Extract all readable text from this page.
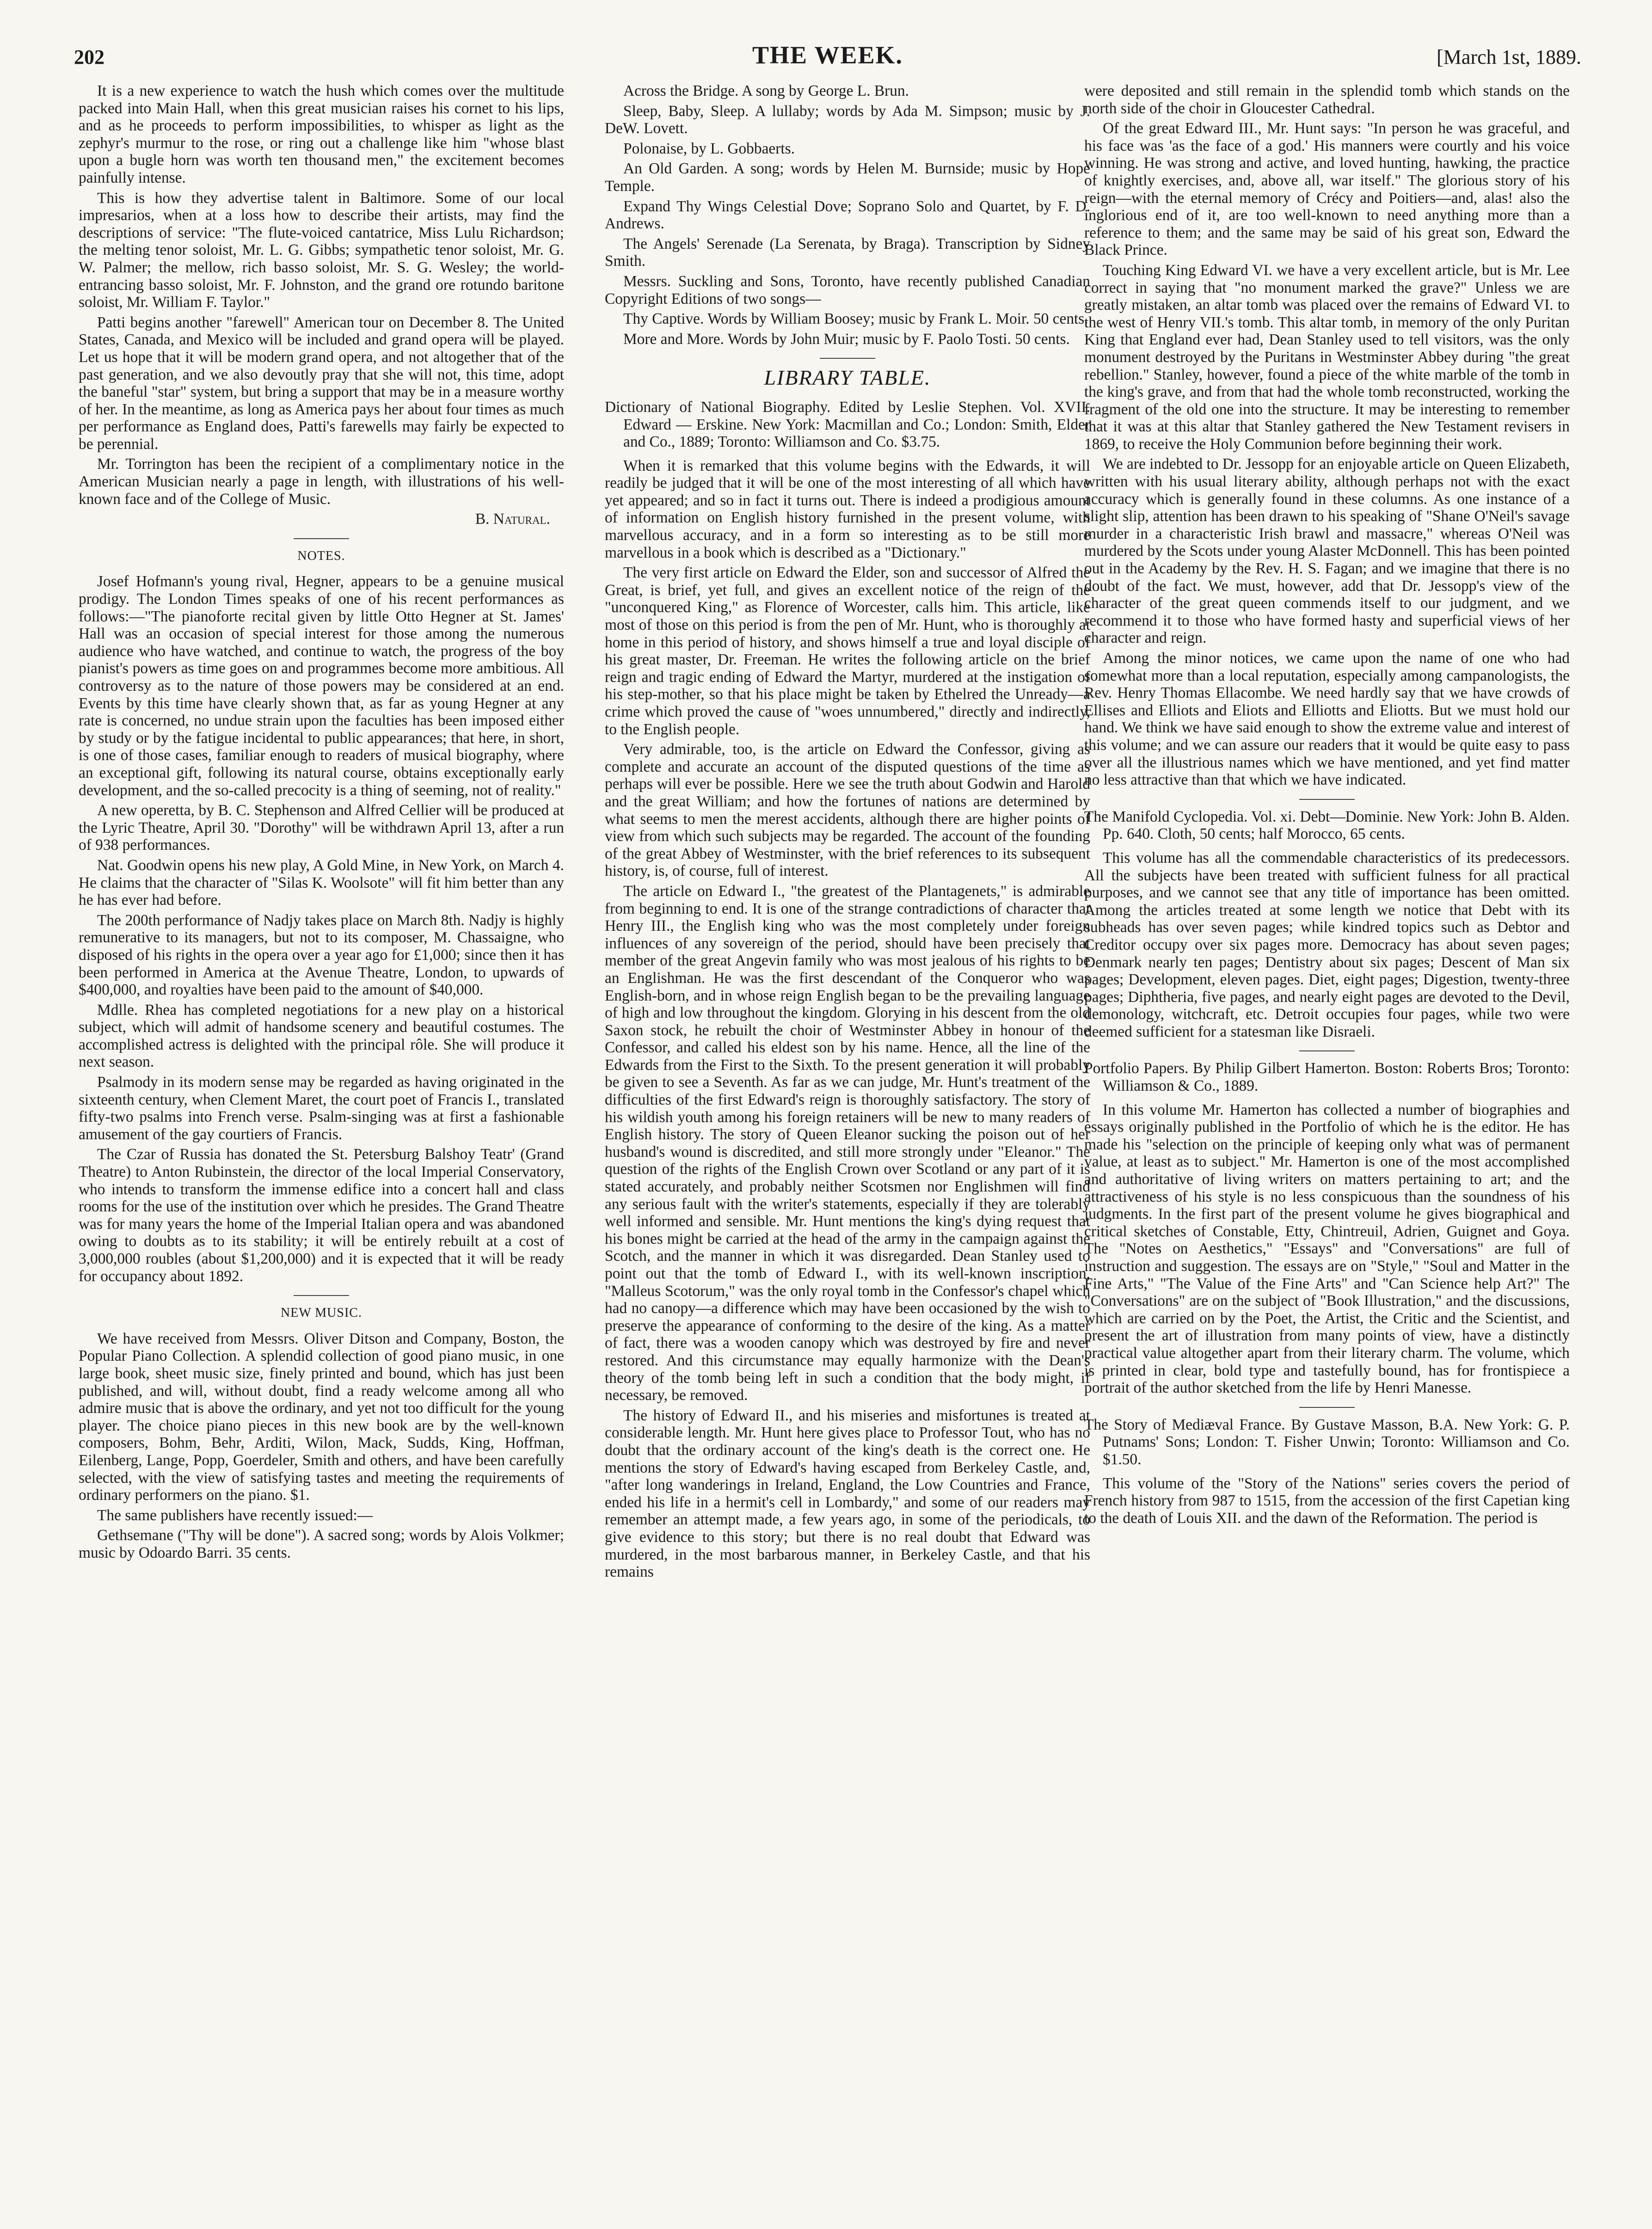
202	THE WEEK.	[March 1st, 1889.

It is a new experience to watch the hush which comes over the multitude packed into Main Hall, when this great musician raises his cornet to his lips, and as he proceeds to perform impossibilities, to whisper as light as the zephyr's murmur to the rose, or ring out a challenge like him "whose blast upon a bugle horn was worth ten thousand men," the excitement becomes painfully intense.

This is how they advertise talent in Baltimore. Some of our local impresarios, when at a loss how to describe their artists, may find the descriptions of service: "The flute-voiced cantatrice, Miss Lulu Richardson; the melting tenor soloist, Mr. L. G. Gibbs; sympathetic tenor soloist, Mr. G. W. Palmer; the mellow, rich basso soloist, Mr. S. G. Wesley; the world-entrancing basso soloist, Mr. F. Johnston, and the grand ore rotundo baritone soloist, Mr. William F. Taylor."

Patti begins another "farewell" American tour on December 8. The United States, Canada, and Mexico will be included and grand opera will be played. Let us hope that it will be modern grand opera, and not altogether that of the past generation, and we also devoutly pray that she will not, this time, adopt the baneful "star" system, but bring a support that may be in a measure worthy of her. In the meantime, as long as America pays her about four times as much per performance as England does, Patti's farewells may fairly be expected to be perennial.

Mr. Torrington has been the recipient of a complimentary notice in the American Musician nearly a page in length, with illustrations of his well-known face and of the College of Music.

B. Natural.

NOTES.

Josef Hofmann's young rival, Hegner, appears to be a genuine musical prodigy. The London Times speaks of one of his recent performances as follows:—"The pianoforte recital given by little Otto Hegner at St. James' Hall was an occasion of special interest for those among the numerous audience who have watched, and continue to watch, the progress of the boy pianist's powers as time goes on and programmes become more ambitious. All controversy as to the nature of those powers may be considered at an end. Events by this time have clearly shown that, as far as young Hegner at any rate is concerned, no undue strain upon the faculties has been imposed either by study or by the fatigue incidental to public appearances; that here, in short, is one of those cases, familiar enough to readers of musical biography, where an exceptional gift, following its natural course, obtains exceptionally early development, and the so-called precocity is a thing of seeming, not of reality."

A new operetta, by B. C. Stephenson and Alfred Cellier will be produced at the Lyric Theatre, April 30. "Dorothy" will be withdrawn April 13, after a run of 938 performances.

Nat. Goodwin opens his new play, A Gold Mine, in New York, on March 4. He claims that the character of "Silas K. Woolsote" will fit him better than any he has ever had before.

The 200th performance of Nadjy takes place on March 8th. Nadjy is highly remunerative to its managers, but not to its composer, M. Chassaigne, who disposed of his rights in the opera over a year ago for £1,000; since then it has been performed in America at the Avenue Theatre, London, to upwards of $400,000, and royalties have been paid to the amount of $40,000.

Mdlle. Rhea has completed negotiations for a new play on a historical subject, which will admit of handsome scenery and beautiful costumes. The accomplished actress is delighted with the principal rôle. She will produce it next season.

Psalmody in its modern sense may be regarded as having originated in the sixteenth century, when Clement Maret, the court poet of Francis I., translated fifty-two psalms into French verse. Psalm-singing was at first a fashionable amusement of the gay courtiers of Francis.

The Czar of Russia has donated the St. Petersburg Balshoy Teatr' (Grand Theatre) to Anton Rubinstein, the director of the local Imperial Conservatory, who intends to transform the immense edifice into a concert hall and class rooms for the use of the institution over which he presides. The Grand Theatre was for many years the home of the Imperial Italian opera and was abandoned owing to doubts as to its stability; it will be entirely rebuilt at a cost of 3,000,000 roubles (about $1,200,000) and it is expected that it will be ready for occupancy about 1892.

NEW MUSIC.

We have received from Messrs. Oliver Ditson and Company, Boston, the Popular Piano Collection. A splendid collection of good piano music, in one large book, sheet music size, finely printed and bound, which has just been published, and will, without doubt, find a ready welcome among all who admire music that is above the ordinary, and yet not too difficult for the young player. The choice piano pieces in this new book are by the well-known composers, Bohm, Behr, Arditi, Wilon, Mack, Sudds, King, Hoffman, Eilenberg, Lange, Popp, Goerdeler, Smith and others, and have been carefully selected, with the view of satisfying tastes and meeting the requirements of ordinary performers on the piano. $1.

The same publishers have recently issued:—

Gethsemane ("Thy will be done"). A sacred song; words by Alois Volkmer; music by Odoardo Barri. 35 cents.

Across the Bridge. A song by George L. Brun.

Sleep, Baby, Sleep. A lullaby; words by Ada M. Simpson; music by J. DeW. Lovett.

Polonaise, by L. Gobbaerts.

An Old Garden. A song; words by Helen M. Burnside; music by Hope Temple.

Expand Thy Wings Celestial Dove; Soprano Solo and Quartet, by F. D. Andrews.

The Angels' Serenade (La Serenata, by Braga). Transcription by Sidney Smith.

Messrs. Suckling and Sons, Toronto, have recently published Canadian Copyright Editions of two songs—

Thy Captive. Words by William Boosey; music by Frank L. Moir. 50 cents.

More and More. Words by John Muir; music by F. Paolo Tosti. 50 cents.

LIBRARY TABLE.

Dictionary of National Biography. Edited by Leslie Stephen. Vol. XVII. Edward — Erskine. New York: Macmillan and Co.; London: Smith, Elder and Co., 1889; Toronto: Williamson and Co. $3.75.

When it is remarked that this volume begins with the Edwards, it will readily be judged that it will be one of the most interesting of all which have yet appeared; and so in fact it turns out. There is indeed a prodigious amount of information on English history furnished in the present volume, with marvellous accuracy, and in a form so interesting as to be still more marvellous in a book which is described as a "Dictionary."

The very first article on Edward the Elder, son and successor of Alfred the Great, is brief, yet full, and gives an excellent notice of the reign of the "unconquered King," as Florence of Worcester, calls him. This article, like most of those on this period is from the pen of Mr. Hunt, who is thoroughly at home in this period of history, and shows himself a true and loyal disciple of his great master, Dr. Freeman. He writes the following article on the brief reign and tragic ending of Edward the Martyr, murdered at the instigation of his step-mother, so that his place might be taken by Ethelred the Unready—a crime which proved the cause of "woes unnumbered," directly and indirectly, to the English people.

Very admirable, too, is the article on Edward the Confessor, giving as complete and accurate an account of the disputed questions of the time as perhaps will ever be possible. Here we see the truth about Godwin and Harold and the great William; and how the fortunes of nations are determined by what seems to men the merest accidents, although there are higher points of view from which such subjects may be regarded. The account of the founding of the great Abbey of Westminster, with the brief references to its subsequent history, is, of course, full of interest.

The article on Edward I., "the greatest of the Plantagenets," is admirable from beginning to end. It is one of the strange contradictions of character that Henry III., the English king who was the most completely under foreign influences of any sovereign of the period, should have been precisely that member of the great Angevin family who was most jealous of his rights to be an Englishman. He was the first descendant of the Conqueror who was English-born, and in whose reign English began to be the prevailing language of high and low throughout the kingdom. Glorying in his descent from the old Saxon stock, he rebuilt the choir of Westminster Abbey in honour of the Confessor, and called his eldest son by his name. Hence, all the line of the Edwards from the First to the Sixth. To the present generation it will probably be given to see a Seventh. As far as we can judge, Mr. Hunt's treatment of the difficulties of the first Edward's reign is thoroughly satisfactory. The story of his wildish youth among his foreign retainers will be new to many readers of English history. The story of Queen Eleanor sucking the poison out of her husband's wound is discredited, and still more strongly under "Eleanor." The question of the rights of the English Crown over Scotland or any part of it is stated accurately, and probably neither Scotsmen nor Englishmen will find any serious fault with the writer's statements, especially if they are tolerably well informed and sensible. Mr. Hunt mentions the king's dying request that his bones might be carried at the head of the army in the campaign against the Scotch, and the manner in which it was disregarded. Dean Stanley used to point out that the tomb of Edward I., with its well-known inscription, "Malleus Scotorum," was the only royal tomb in the Confessor's chapel which had no canopy—a difference which may have been occasioned by the wish to preserve the appearance of conforming to the desire of the king. As a matter of fact, there was a wooden canopy which was destroyed by fire and never restored. And this circumstance may equally harmonize with the Dean's theory of the tomb being left in such a condition that the body might, if necessary, be removed.

The history of Edward II., and his miseries and misfortunes is treated at considerable length. Mr. Hunt here gives place to Professor Tout, who has no doubt that the ordinary account of the king's death is the correct one. He mentions the story of Edward's having escaped from Berkeley Castle, and, "after long wanderings in Ireland, England, the Low Countries and France, ended his life in a hermit's cell in Lombardy," and some of our readers may remember an attempt made, a few years ago, in some of the periodicals, to give evidence to this story; but there is no real doubt that Edward was murdered, in the most barbarous manner, in Berkeley Castle, and that his remains

were deposited and still remain in the splendid tomb which stands on the north side of the choir in Gloucester Cathedral.

Of the great Edward III., Mr. Hunt says: "In person he was graceful, and his face was 'as the face of a god.' His manners were courtly and his voice winning. He was strong and active, and loved hunting, hawking, the practice of knightly exercises, and, above all, war itself." The glorious story of his reign—with the eternal memory of Crécy and Poitiers—and, alas! also the inglorious end of it, are too well-known to need anything more than a reference to them; and the same may be said of his great son, Edward the Black Prince.

Touching King Edward VI. we have a very excellent article, but is Mr. Lee correct in saying that "no monument marked the grave?" Unless we are greatly mistaken, an altar tomb was placed over the remains of Edward VI. to the west of Henry VII.'s tomb. This altar tomb, in memory of the only Puritan King that England ever had, Dean Stanley used to tell visitors, was the only monument destroyed by the Puritans in Westminster Abbey during "the great rebellion." Stanley, however, found a piece of the white marble of the tomb in the king's grave, and from that had the whole tomb reconstructed, working the fragment of the old one into the structure. It may be interesting to remember that it was at this altar that Stanley gathered the New Testament revisers in 1869, to receive the Holy Communion before beginning their work.

We are indebted to Dr. Jessopp for an enjoyable article on Queen Elizabeth, written with his usual literary ability, although perhaps not with the exact accuracy which is generally found in these columns. As one instance of a slight slip, attention has been drawn to his speaking of "Shane O'Neil's savage murder in a characteristic Irish brawl and massacre," whereas O'Neil was murdered by the Scots under young Alaster McDonnell. This has been pointed out in the Academy by the Rev. H. S. Fagan; and we imagine that there is no doubt of the fact. We must, however, add that Dr. Jessopp's view of the character of the great queen commends itself to our judgment, and we recommend it to those who have formed hasty and superficial views of her character and reign.

Among the minor notices, we came upon the name of one who had somewhat more than a local reputation, especially among campanologists, the Rev. Henry Thomas Ellacombe. We need hardly say that we have crowds of Ellises and Elliots and Eliots and Elliotts and Eliotts. But we must hold our hand. We think we have said enough to show the extreme value and interest of this volume; and we can assure our readers that it would be quite easy to pass over all the illustrious names which we have mentioned, and yet find matter no less attractive than that which we have indicated.

The Manifold Cyclopedia. Vol. xi. Debt—Dominie. New York: John B. Alden. Pp. 640. Cloth, 50 cents; half Morocco, 65 cents.

This volume has all the commendable characteristics of its predecessors. All the subjects have been treated with sufficient fulness for all practical purposes, and we cannot see that any title of importance has been omitted. Among the articles treated at some length we notice that Debt with its subheads has over seven pages; while kindred topics such as Debtor and Creditor occupy over six pages more. Democracy has about seven pages; Denmark nearly ten pages; Dentistry about six pages; Descent of Man six pages; Development, eleven pages. Diet, eight pages; Digestion, twenty-three pages; Diphtheria, five pages, and nearly eight pages are devoted to the Devil, demonology, witchcraft, etc. Detroit occupies four pages, while two were deemed sufficient for a statesman like Disraeli.

Portfolio Papers. By Philip Gilbert Hamerton. Boston: Roberts Bros; Toronto: Williamson & Co., 1889.

In this volume Mr. Hamerton has collected a number of biographies and essays originally published in the Portfolio of which he is the editor. He has made his "selection on the principle of keeping only what was of permanent value, at least as to subject." Mr. Hamerton is one of the most accomplished and authoritative of living writers on matters pertaining to art; and the attractiveness of his style is no less conspicuous than the soundness of his judgments. In the first part of the present volume he gives biographical and critical sketches of Constable, Etty, Chintreuil, Adrien, Guignet and Goya. The "Notes on Aesthetics," "Essays" and "Conversations" are full of instruction and suggestion. The essays are on "Style," "Soul and Matter in the Fine Arts," "The Value of the Fine Arts" and "Can Science help Art?" The "Conversations" are on the subject of "Book Illustration," and the discussions, which are carried on by the Poet, the Artist, the Critic and the Scientist, and present the art of illustration from many points of view, have a distinctly practical value altogether apart from their literary charm. The volume, which is printed in clear, bold type and tastefully bound, has for frontispiece a portrait of the author sketched from the life by Henri Manesse.

The Story of Mediæval France. By Gustave Masson, B.A. New York: G. P. Putnams' Sons; London: T. Fisher Unwin; Toronto: Williamson and Co. $1.50.

This volume of the "Story of the Nations" series covers the period of French history from 987 to 1515, from the accession of the first Capetian king to the death of Louis XII. and the dawn of the Reformation. The period is
